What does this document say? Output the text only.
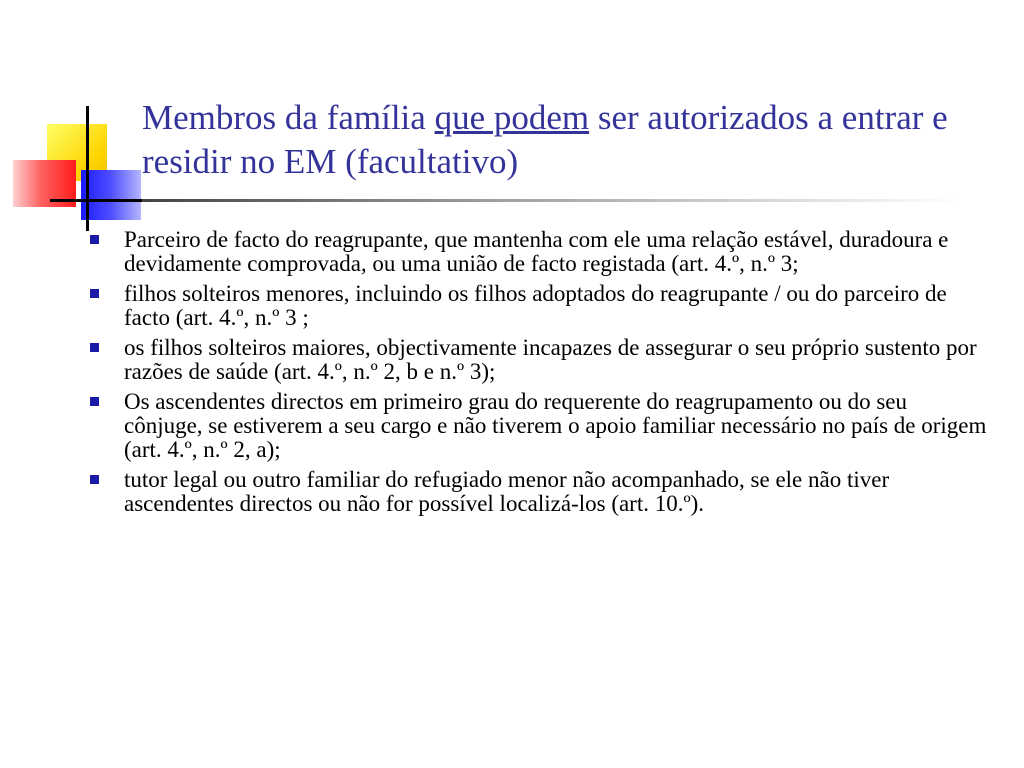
Membros da família que podem ser autorizados a entrar e residir no EM (facultativo)
Parceiro de facto do reagrupante, que mantenha com ele uma relação estável, duradoura e devidamente comprovada, ou uma união de facto registada (art. 4.º, n.º 3;
filhos solteiros menores, incluindo os filhos adoptados do reagrupante / ou do parceiro de facto (art. 4.º, n.º 3 ;
os filhos solteiros maiores, objectivamente incapazes de assegurar o seu próprio sustento por razões de saúde (art. 4.º, n.º 2, b e n.º 3);
Os ascendentes directos em primeiro grau do requerente do reagrupamento ou do seu cônjuge, se estiverem a seu cargo e não tiverem o apoio familiar necessário no país de origem (art. 4.º, n.º 2, a);
tutor legal ou outro familiar do refugiado menor não acompanhado, se ele não tiver ascendentes directos ou não for possível localizá-los (art. 10.º).
